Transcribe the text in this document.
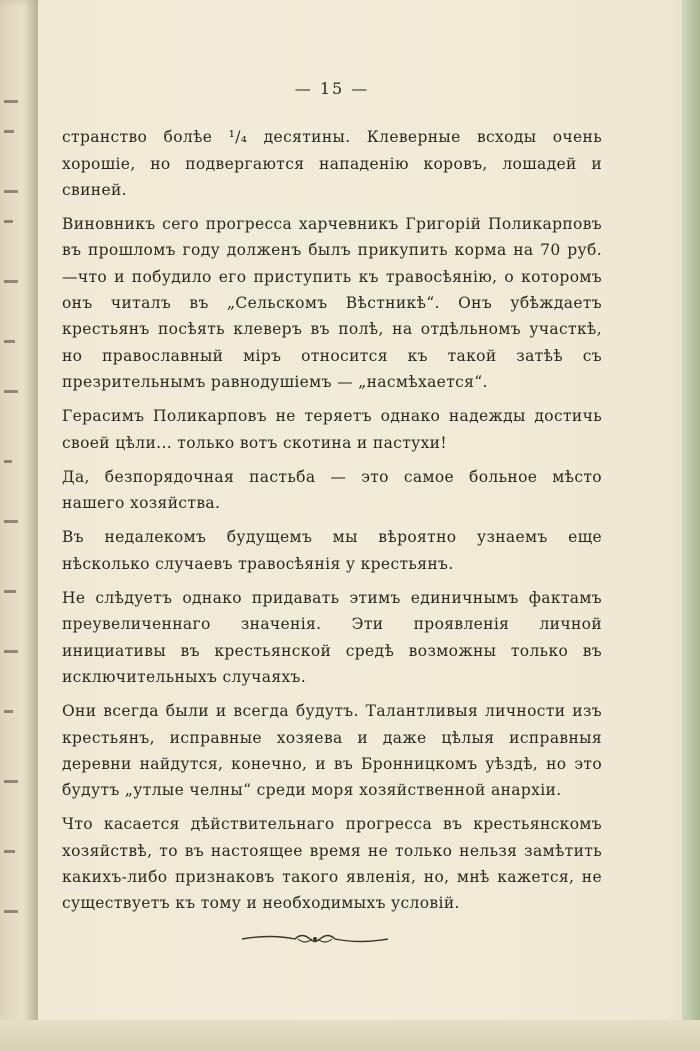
— 15 —

странство болѣе ¹/₄ десятины. Клеверные всходы очень хорошіе, но подвергаются нападенію коровъ, лошадей и свиней.

Виновникъ сего прогресса харчевникъ Григорій Поликарповъ въ прошломъ году долженъ былъ прикупить корма на 70 руб.—что и побудило его приступить къ травосѣянію, о которомъ онъ читалъ въ „Сельскомъ Вѣстникѣ“. Онъ убѣждаетъ крестьянъ посѣять клеверъ въ полѣ, на отдѣльномъ участкѣ, но православный міръ относится къ такой затѣѣ съ презрительнымъ равнодушіемъ — „насмѣхается“.

Герасимъ Поликарповъ не теряетъ однако надежды достичь своей цѣли... только вотъ скотина и пастухи!

Да, безпорядочная пастьба — это самое больное мѣсто нашего хозяйства.

Въ недалекомъ будущемъ мы вѣроятно узнаемъ еще нѣсколько случаевъ травосѣянія у крестьянъ.

Не слѣдуетъ однако придавать этимъ единичнымъ фактамъ преувеличеннаго значенія. Эти проявленія личной инициативы въ крестьянской средѣ возможны только въ исключительныхъ случаяхъ.

Они всегда были и всегда будутъ. Талантливыя личности изъ крестьянъ, исправные хозяева и даже цѣлыя исправныя деревни найдутся, конечно, и въ Бронницкомъ уѣздѣ, но это будутъ „утлые челны“ среди моря хозяйственной анархіи.

Что касается дѣйствительнаго прогресса въ крестьянскомъ хозяйствѣ, то въ настоящее время не только нельзя замѣтить какихъ-либо признаковъ такого явленія, но, мнѣ кажется, не существуетъ къ тому и необходимыхъ условій.
